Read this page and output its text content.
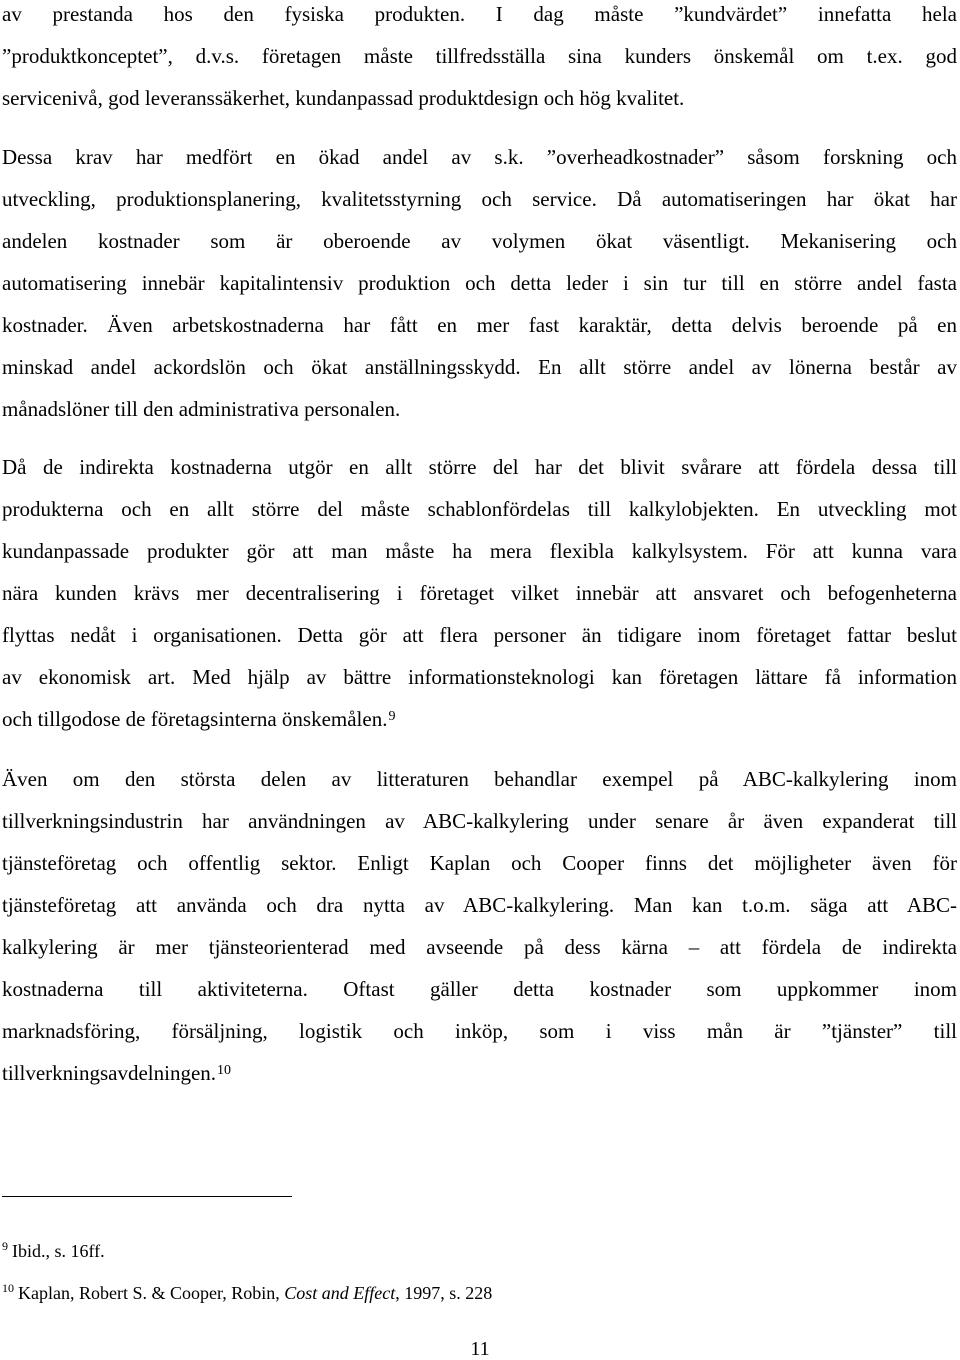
av prestanda hos den fysiska produkten. I dag måste ”kundvärdet” innefatta hela
”produktkonceptet”, d.v.s. företagen måste tillfredsställa sina kunders önskemål om t.ex. god
servicenivå, god leveranssäkerhet, kundanpassad produktdesign och hög kvalitet.
Dessa krav har medfört en ökad andel av s.k. ”overheadkostnader” såsom forskning och
utveckling, produktionsplanering, kvalitetsstyrning och service. Då automatiseringen har ökat har
andelen kostnader som är oberoende av volymen ökat väsentligt. Mekanisering och
automatisering innebär kapitalintensiv produktion och detta leder i sin tur till en större andel fasta
kostnader. Även arbetskostnaderna har fått en mer fast karaktär, detta delvis beroende på en
minskad andel ackordslön och ökat anställningsskydd. En allt större andel av lönerna består av
månadslöner till den administrativa personalen.
Då de indirekta kostnaderna utgör en allt större del har det blivit svårare att fördela dessa till
produkterna och en allt större del måste schablonfördelas till kalkylobjekten. En utveckling mot
kundanpassade produkter gör att man måste ha mera flexibla kalkylsystem. För att kunna vara
nära kunden krävs mer decentralisering i företaget vilket innebär att ansvaret och befogenheterna
flyttas nedåt i organisationen. Detta gör att flera personer än tidigare inom företaget fattar beslut
av ekonomisk art. Med hjälp av bättre informationsteknologi kan företagen lättare få information
och tillgodose de företagsinterna önskemålen.$^9$
Även om den största delen av litteraturen behandlar exempel på ABC-kalkylering inom
tillverkningsindustrin har användningen av ABC-kalkylering under senare år även expanderat till
tjänsteföretag och offentlig sektor. Enligt Kaplan och Cooper finns det möjligheter även för
tjänsteföretag att använda och dra nytta av ABC-kalkylering. Man kan t.o.m. säga att ABC-
kalkylering är mer tjänsteorienterad med avseende på dess kärna – att fördela de indirekta
kostnaderna till aktiviteterna. Oftast gäller detta kostnader som uppkommer inom
marknadsföring, försäljning, logistik och inköp, som i viss mån är ”tjänster” till
tillverkningsavdelningen.$^{10}$
$^9$ Ibid., s. 16ff.
$^{10}$ Kaplan, Robert S. & Cooper, Robin, Cost and Effect, 1997, s. 228
11
